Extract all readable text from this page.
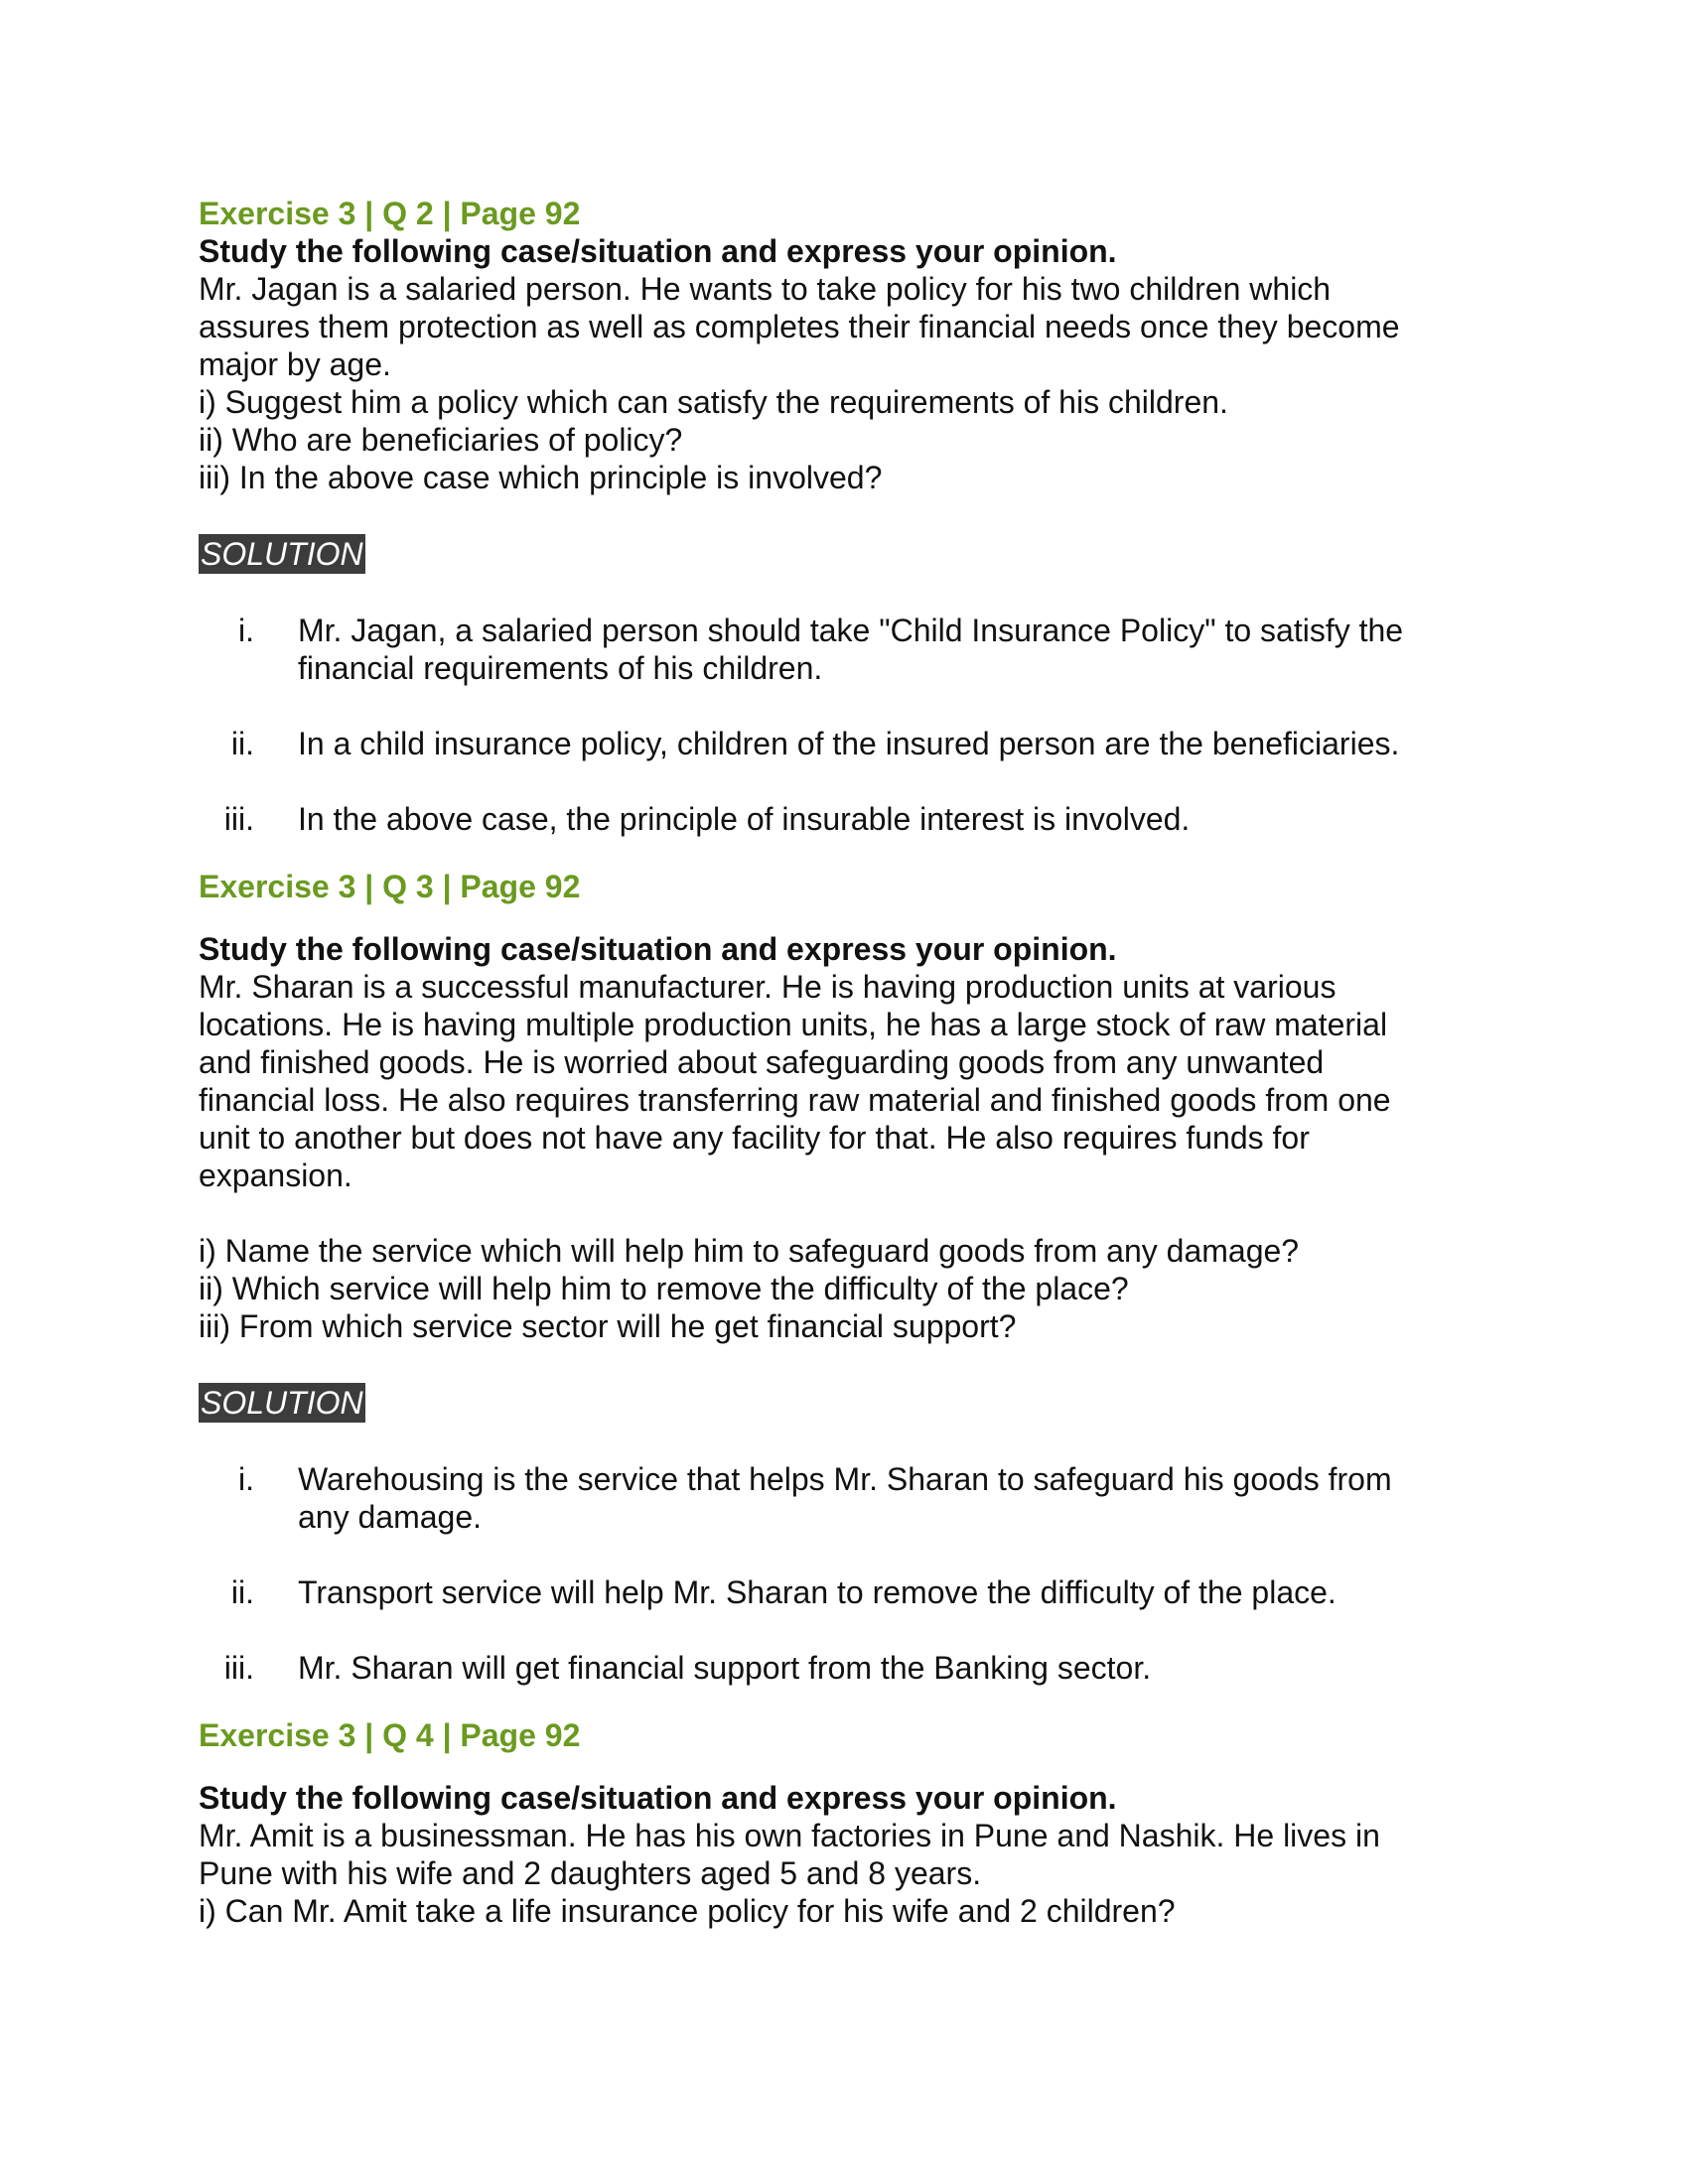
Exercise 3 | Q 2 | Page 92

Study the following case/situation and express your opinion.

Mr. Jagan is a salaried person. He wants to take policy for his two children which

assures them protection as well as completes their financial needs once they become

major by age.

i) Suggest him a policy which can satisfy the requirements of his children.

ii) Who are beneficiaries of policy?

iii) In the above case which principle is involved?

SOLUTION
i. Mr. Jagan, a salaried person should take "Child Insurance Policy" to satisfy the
financial requirements of his children.
ii. In a child insurance policy, children of the insured person are the beneficiaries.
iii. In the above case, the principle of insurable interest is involved.

Exercise 3 | Q 3 | Page 92

Study the following case/situation and express your opinion.

Mr. Sharan is a successful manufacturer. He is having production units at various

locations. He is having multiple production units, he has a large stock of raw material

and finished goods. He is worried about safeguarding goods from any unwanted

financial loss. He also requires transferring raw material and finished goods from one

unit to another but does not have any facility for that. He also requires funds for

expansion.

i) Name the service which will help him to safeguard goods from any damage?

ii) Which service will help him to remove the difficulty of the place?

iii) From which service sector will he get financial support?

SOLUTION
i. Warehousing is the service that helps Mr. Sharan to safeguard his goods from
any damage.
ii. Transport service will help Mr. Sharan to remove the difficulty of the place.
iii. Mr. Sharan will get financial support from the Banking sector.

Exercise 3 | Q 4 | Page 92

Study the following case/situation and express your opinion.

Mr. Amit is a businessman. He has his own factories in Pune and Nashik. He lives in

Pune with his wife and 2 daughters aged 5 and 8 years.

i) Can Mr. Amit take a life insurance policy for his wife and 2 children?
